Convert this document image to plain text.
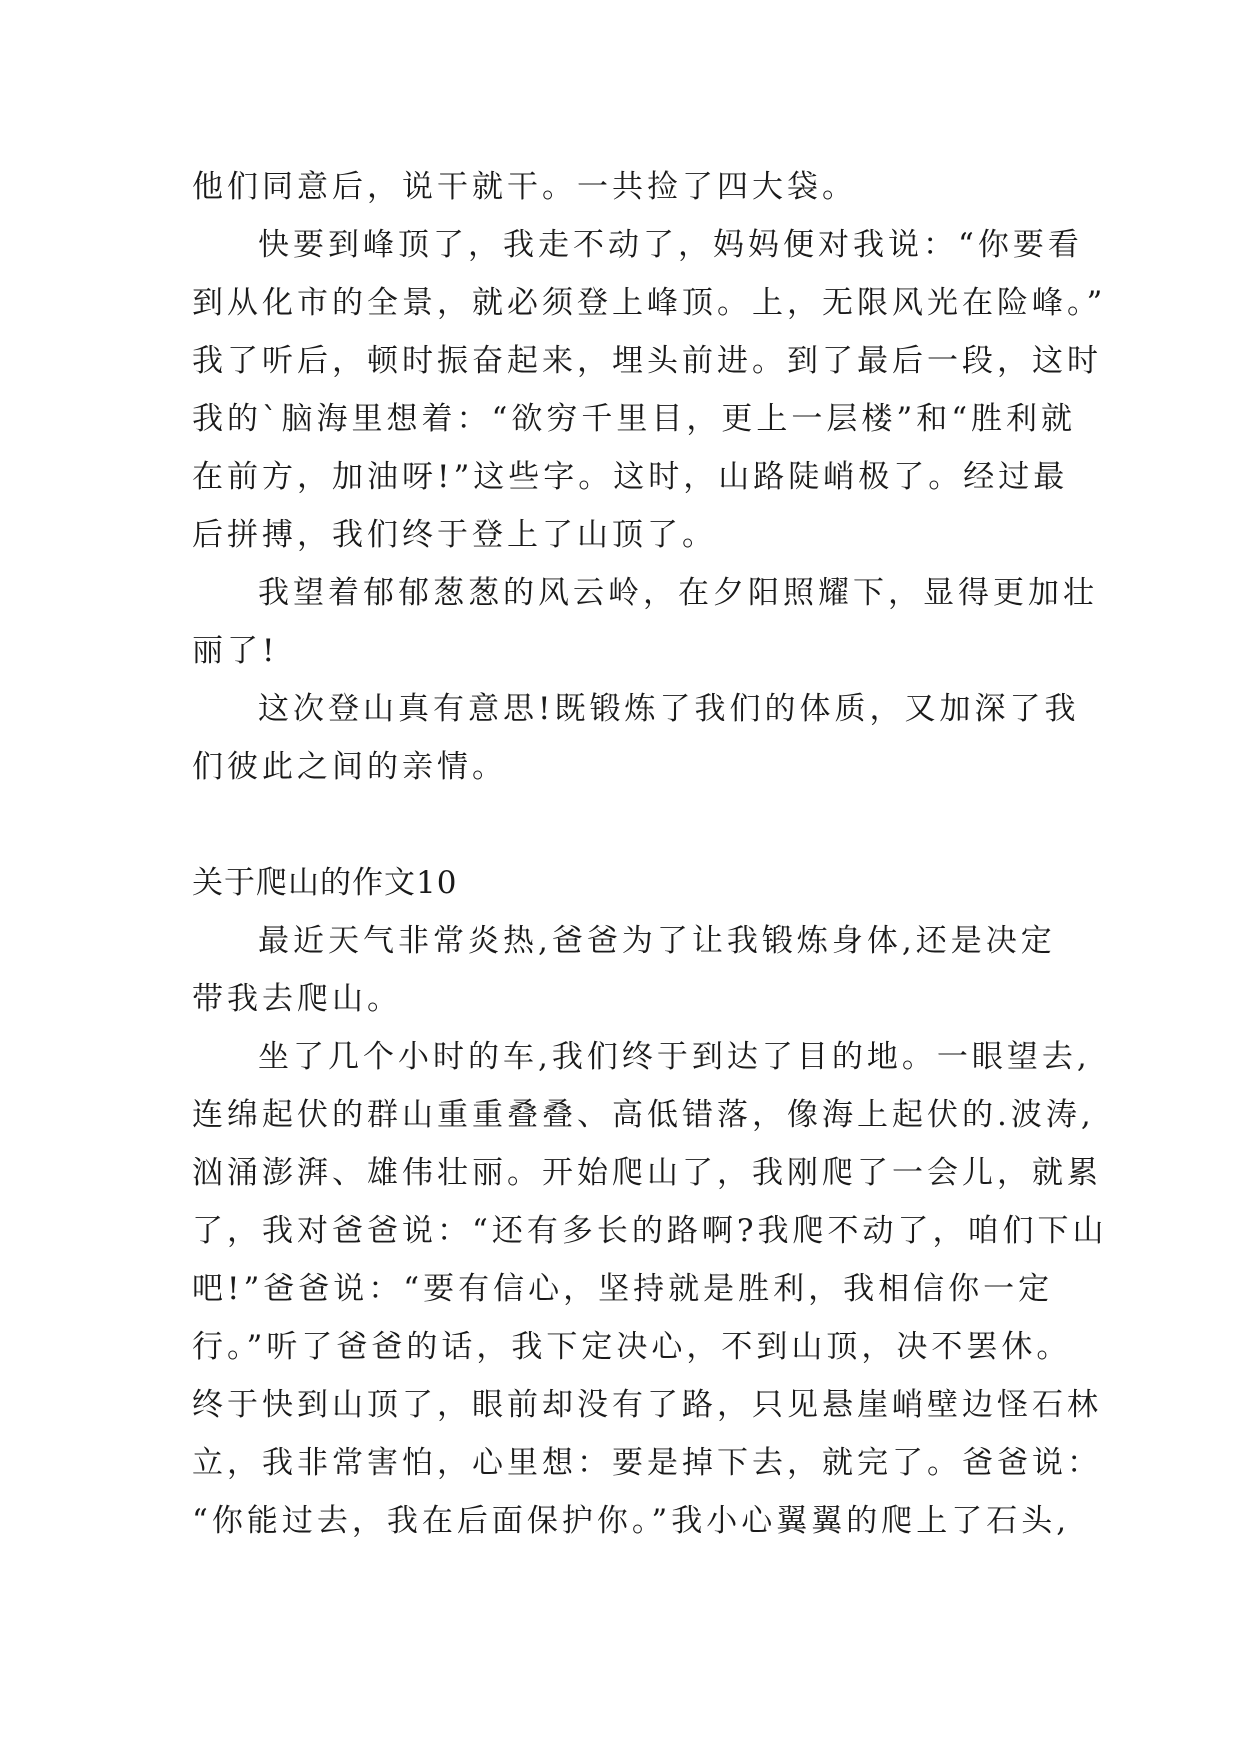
他们同意后，说干就干。一共捡了四大袋。
快要到峰顶了，我走不动了，妈妈便对我说：“你要看
到从化市的全景，就必须登上峰顶。上，无限风光在险峰。”
我了听后，顿时振奋起来，埋头前进。到了最后一段，这时
我的`脑海里想着：“欲穷千里目，更上一层楼”和“胜利就
在前方，加油呀!”这些字。这时，山路陡峭极了。经过最
后拼搏，我们终于登上了山顶了。
我望着郁郁葱葱的风云岭，在夕阳照耀下，显得更加壮
丽了!
这次登山真有意思!既锻炼了我们的体质，又加深了我
们彼此之间的亲情。
关于爬山的作文10
最近天气非常炎热,爸爸为了让我锻炼身体,还是决定
带我去爬山。
坐了几个小时的车,我们终于到达了目的地。一眼望去,
连绵起伏的群山重重叠叠、高低错落，像海上起伏的.波涛,
汹涌澎湃、雄伟壮丽。开始爬山了，我刚爬了一会儿，就累
了，我对爸爸说：“还有多长的路啊?我爬不动了，咱们下山
吧!”爸爸说：“要有信心，坚持就是胜利，我相信你一定
行。”听了爸爸的话，我下定决心，不到山顶，决不罢休。
终于快到山顶了，眼前却没有了路，只见悬崖峭壁边怪石林
立，我非常害怕，心里想：要是掉下去，就完了。爸爸说：
“你能过去，我在后面保护你。”我小心翼翼的爬上了石头,
